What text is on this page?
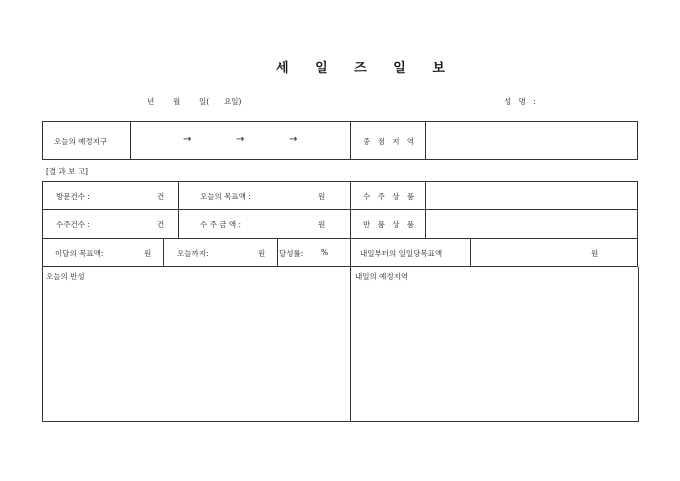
세 일 즈 일 보
년	월	일( 요일)	성 명 :
오늘의 예정지구	→	→	→	중 점 지 역
[결 과 보 고]
방문건수 :	건	오늘의 목표액 :	원	수 주 상 품
수주건수 :	건	수 주 금 액 :	원	반 품 상 품
이달의 목표액:	원	오늘까지:	원 달성률: %	내일부터의 일일당목표액	원
오늘의 반성	내일의 예정지역
